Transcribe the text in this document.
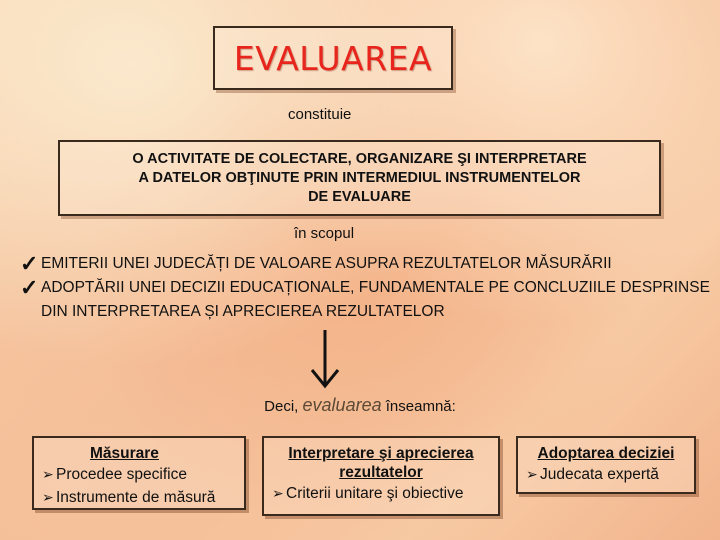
EVALUAREA
constituie
O ACTIVITATE DE COLECTARE, ORGANIZARE ŞI INTERPRETARE
A DATELOR OBŢINUTE PRIN INTERMEDIUL INSTRUMENTELOR
DE EVALUARE
în scopul
✓ EMITERII UNEI JUDECĂȚI DE VALOARE ASUPRA REZULTATELOR MĂSURĂRII
✓ ADOPTĂRII UNEI DECIZII EDUCAȚIONALE, FUNDAMENTALE PE CONCLUZIILE DESPRINSE DIN INTERPRETAREA ȘI APRECIEREA REZULTATELOR
Deci, evaluarea înseamnă:
Măsurare
➢ Procedee specifice
➢ Instrumente de măsură
Interpretare şi aprecierea
rezultatelor
➢ Criterii unitare şi obiective
Adoptarea deciziei
➢ Judecata expertă
